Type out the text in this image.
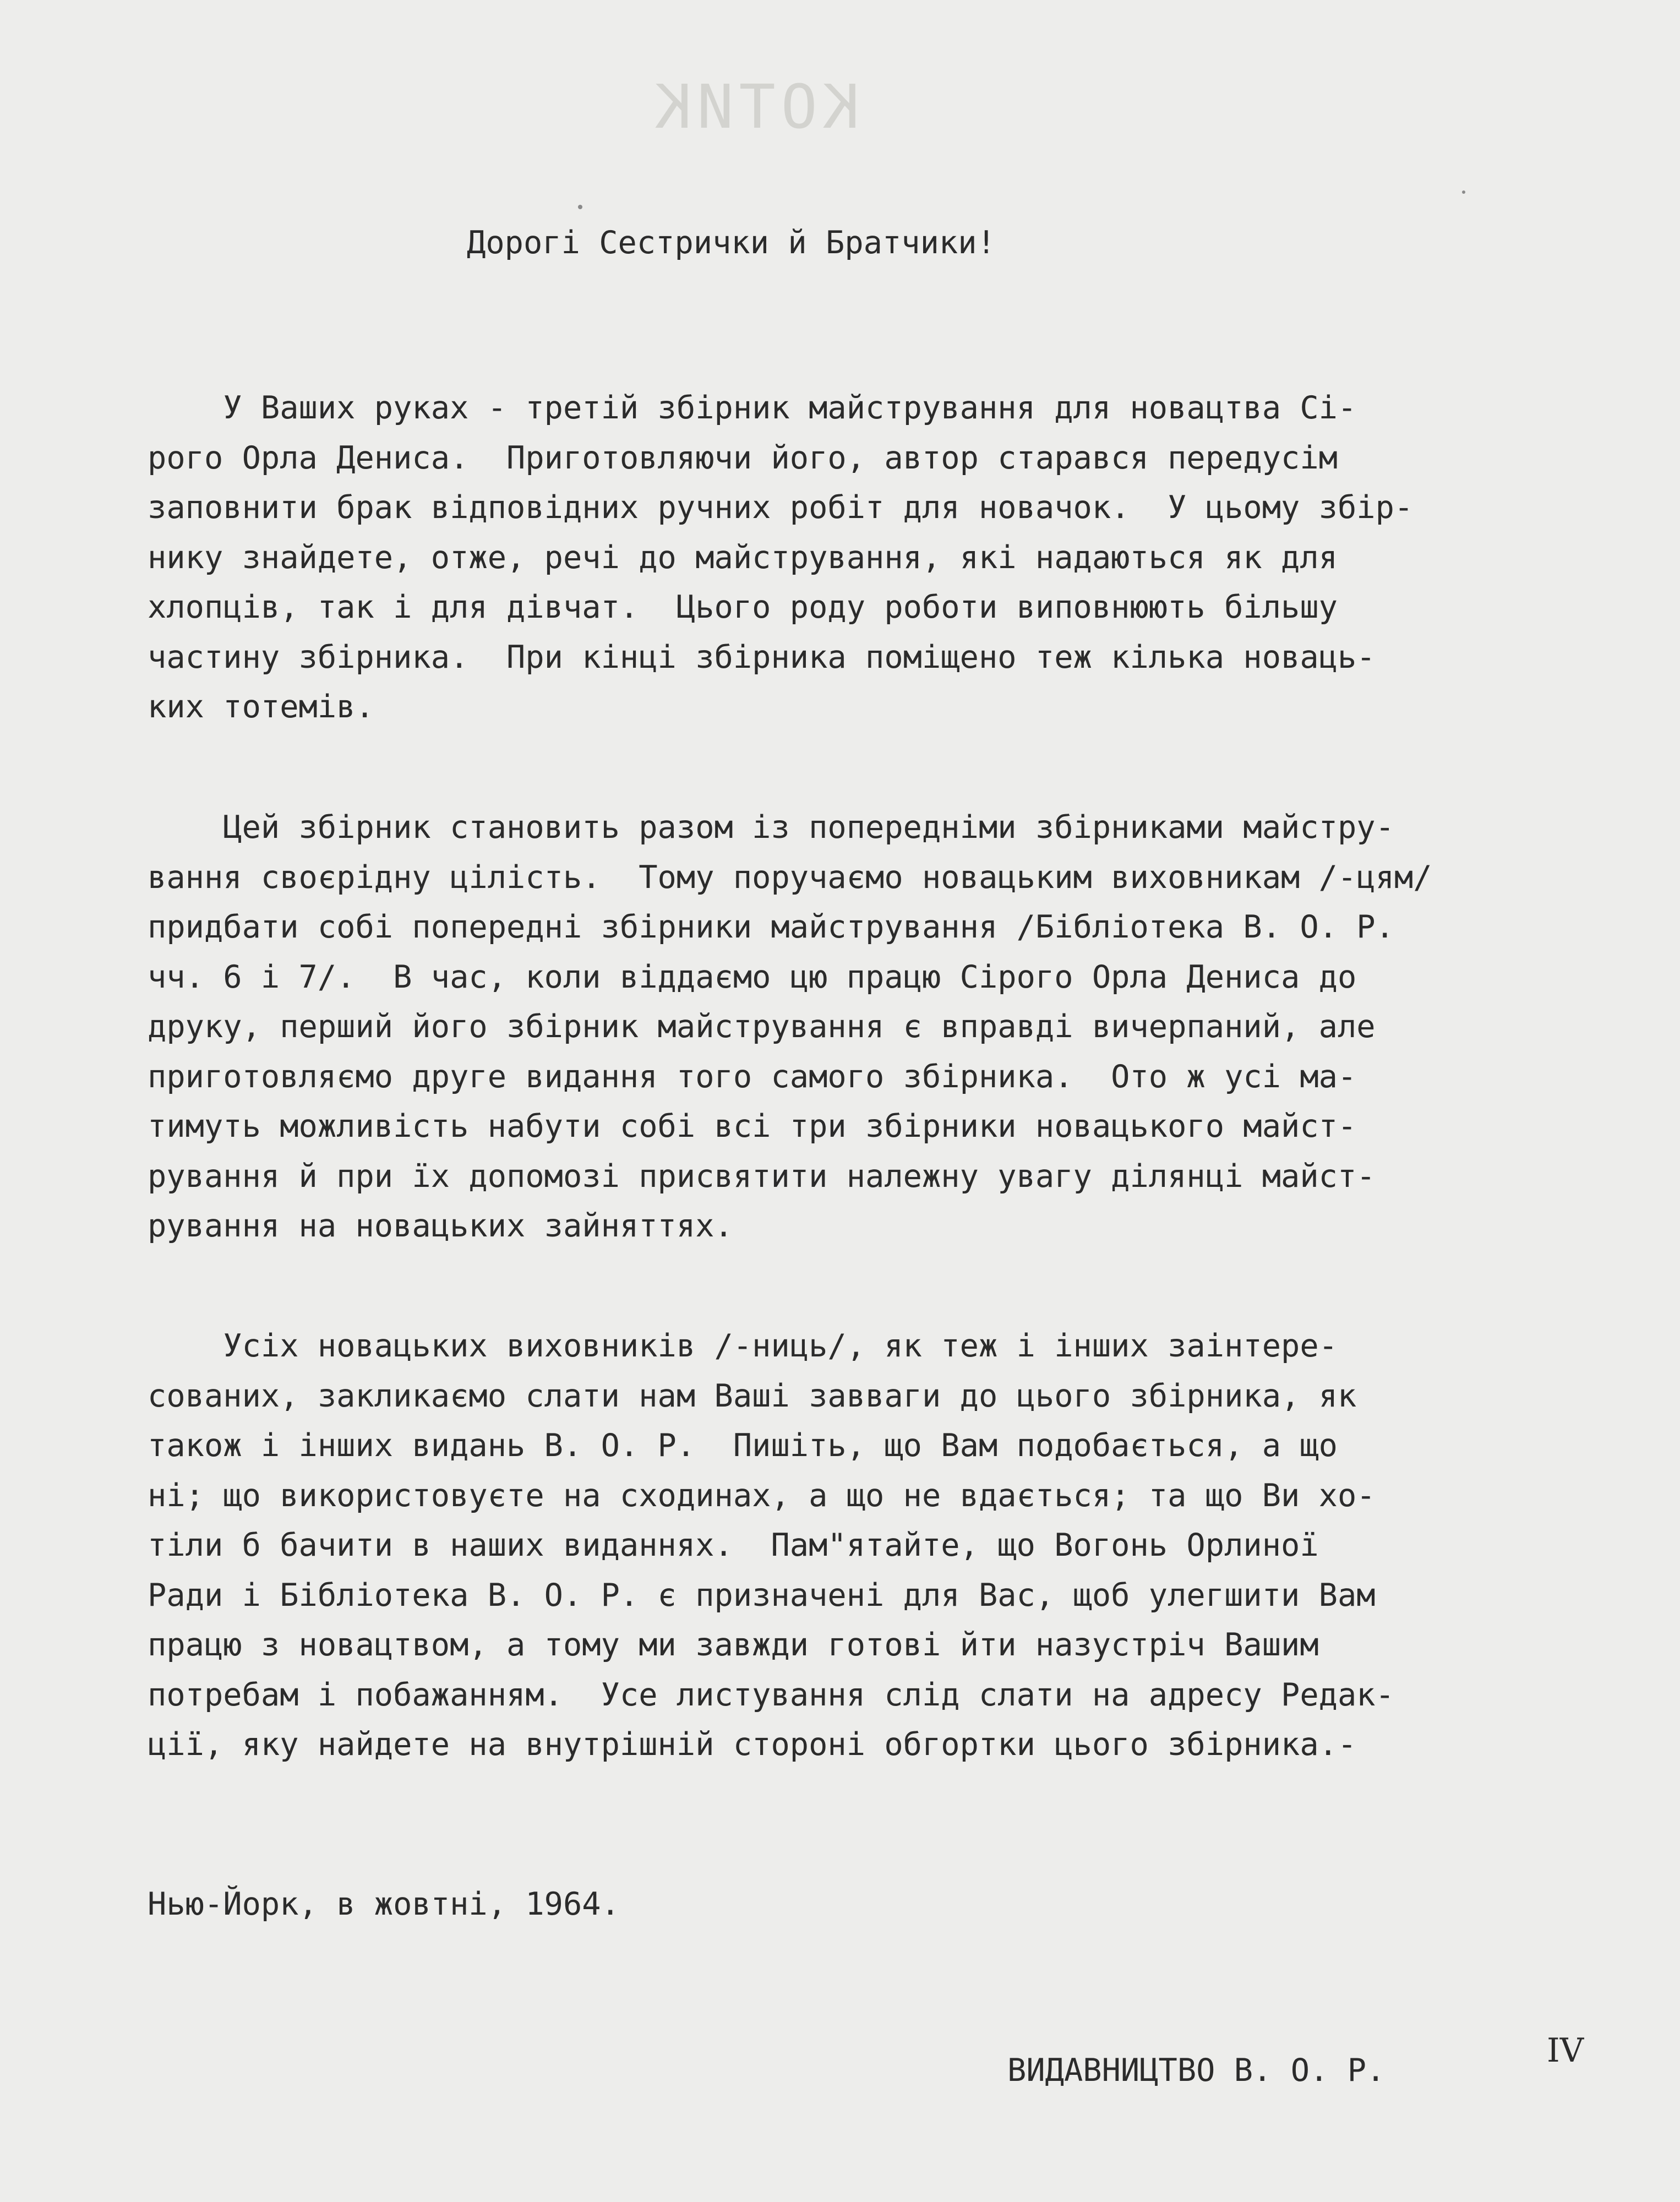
КОТИК
Дорогі Сестрички й Братчики!
У Ваших руках - третій збірник майстрування для новацтва Сі-
рого Орла Дениса.  Приготовляючи його, автор старався передусім
заповнити брак відповідних ручних робіт для новачок.  У цьому збір-
нику знайдете, отже, речі до майстрування, які надаються як для
хлопців, так і для дівчат.  Цього роду роботи виповнюють більшу
частину збірника.  При кінці збірника поміщено теж кілька новаць-
ких тотемів.
Цей збірник становить разом із попередніми збірниками майстру-
вання своєрідну цілість.  Тому поручаємо новацьким виховникам /-цям/
придбати собі попередні збірники майстрування /Бібліотека В. О. Р.
чч. 6 і 7/.  В час, коли віддаємо цю працю Сірого Орла Дениса до
друку, перший його збірник майстрування є вправді вичерпаний, але
приготовляємо друге видання того самого збірника.  Ото ж усі ма-
тимуть можливість набути собі всі три збірники новацького майст-
рування й при їх допомозі присвятити належну увагу ділянці майст-
рування на новацьких зайняттях.
Усіх новацьких виховників /-ниць/, як теж і інших заінтере-
сованих, закликаємо слати нам Ваші завваги до цього збірника, як
також і інших видань В. О. Р.  Пишіть, що Вам подобається, а що
ні; що використовуєте на сходинах, а що не вдається; та що Ви хо-
тіли б бачити в наших виданнях.  Пам"ятайте, що Вогонь Орлиної
Ради і Бібліотека В. О. Р. є призначені для Вас, щоб улегшити Вам
працю з новацтвом, а тому ми завжди готові йти назустріч Вашим
потребам і побажанням.  Усе листування слід слати на адресу Редак-
ції, яку найдете на внутрішній стороні обгортки цього збірника.-
Нью-Йорк, в жовтні, 1964.
ВИДАВНИЦТВО В. О. Р.
IV
